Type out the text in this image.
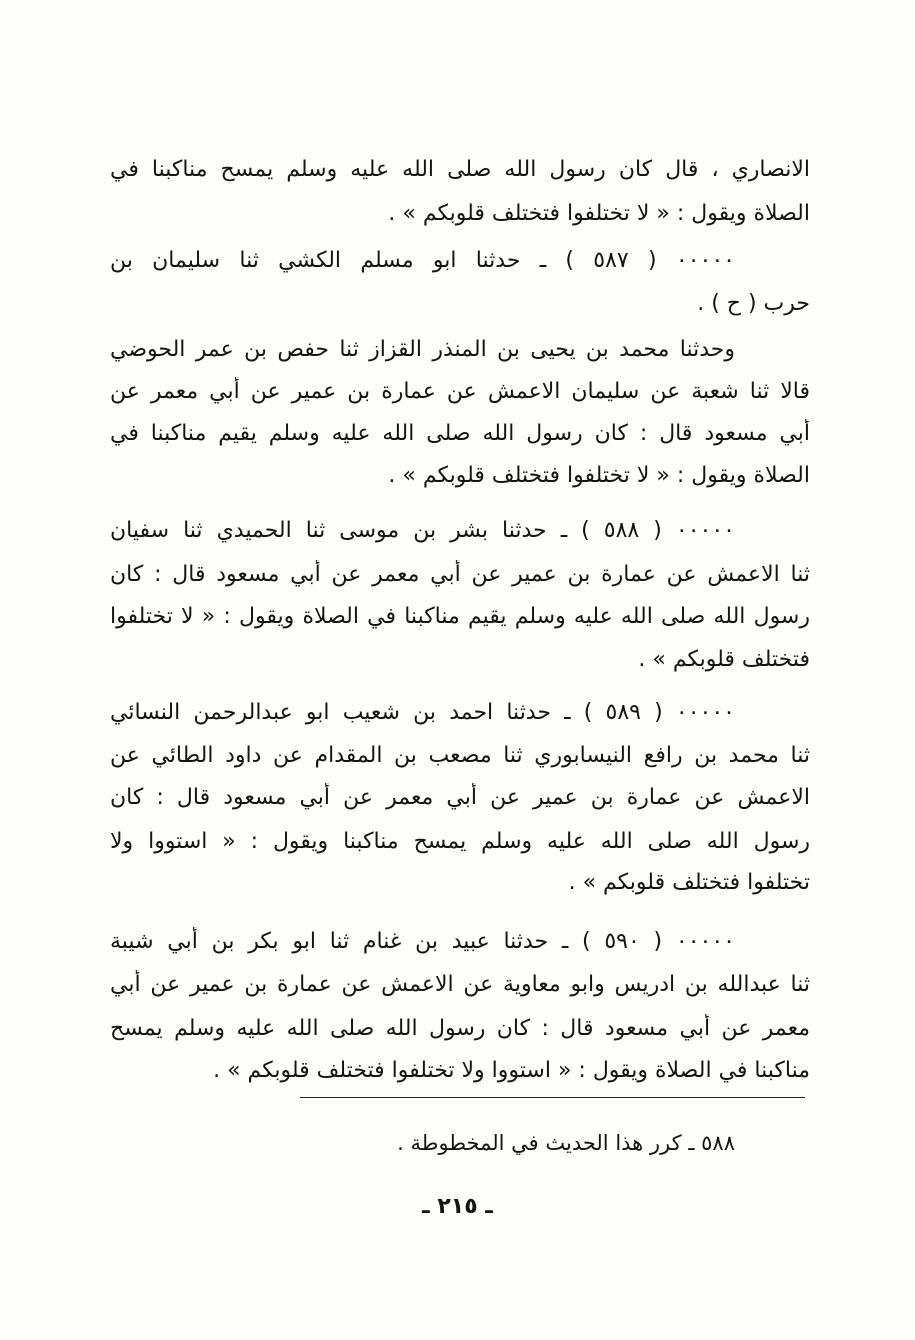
الانصاري ، قال كان رسول الله صلى الله عليه وسلم يمسح مناكبنا في
الصلاة ويقول : « لا تختلفوا فتختلف قلوبكم » .
٠٠٠٠٠ ( ٥٨٧ ) ـ حدثنا ابو مسلم الكشي ثنا سليمان بن
حرب ( ح ) .
وحدثنا محمد بن يحيى بن المنذر القزاز ثنا حفص بن عمر الحوضي
قالا ثنا شعبة عن سليمان الاعمش عن عمارة بن عمير عن أبي معمر عن
أبي مسعود قال : كان رسول الله صلى الله عليه وسلم يقيم مناكبنا في
الصلاة ويقول : « لا تختلفوا فتختلف قلوبكم » .
٠٠٠٠٠ ( ٥٨٨ ) ـ حدثنا بشر بن موسى ثنا الحميدي ثنا سفيان
ثنا الاعمش عن عمارة بن عمير عن أبي معمر عن أبي مسعود قال : كان
رسول الله صلى الله عليه وسلم يقيم مناكبنا في الصلاة ويقول : « لا تختلفوا
فتختلف قلوبكم » .
٠٠٠٠٠ ( ٥٨٩ ) ـ حدثنا احمد بن شعيب ابو عبدالرحمن النسائي
ثنا محمد بن رافع النيسابوري ثنا مصعب بن المقدام عن داود الطائي عن
الاعمش عن عمارة بن عمير عن أبي معمر عن أبي مسعود قال : كان
رسول الله صلى الله عليه وسلم يمسح مناكبنا ويقول : « استووا ولا
تختلفوا فتختلف قلوبكم » .
٠٠٠٠٠ ( ٥٩٠ ) ـ حدثنا عبيد بن غنام ثنا ابو بكر بن أبي شيبة
ثنا عبدالله بن ادريس وابو معاوية عن الاعمش عن عمارة بن عمير عن أبي
معمر عن أبي مسعود قال : كان رسول الله صلى الله عليه وسلم يمسح
مناكبنا في الصلاة ويقول : « استووا ولا تختلفوا فتختلف قلوبكم » .
٥٨٨ ـ كرر هذا الحديث في المخطوطة .
ـ ٢١٥ ـ
